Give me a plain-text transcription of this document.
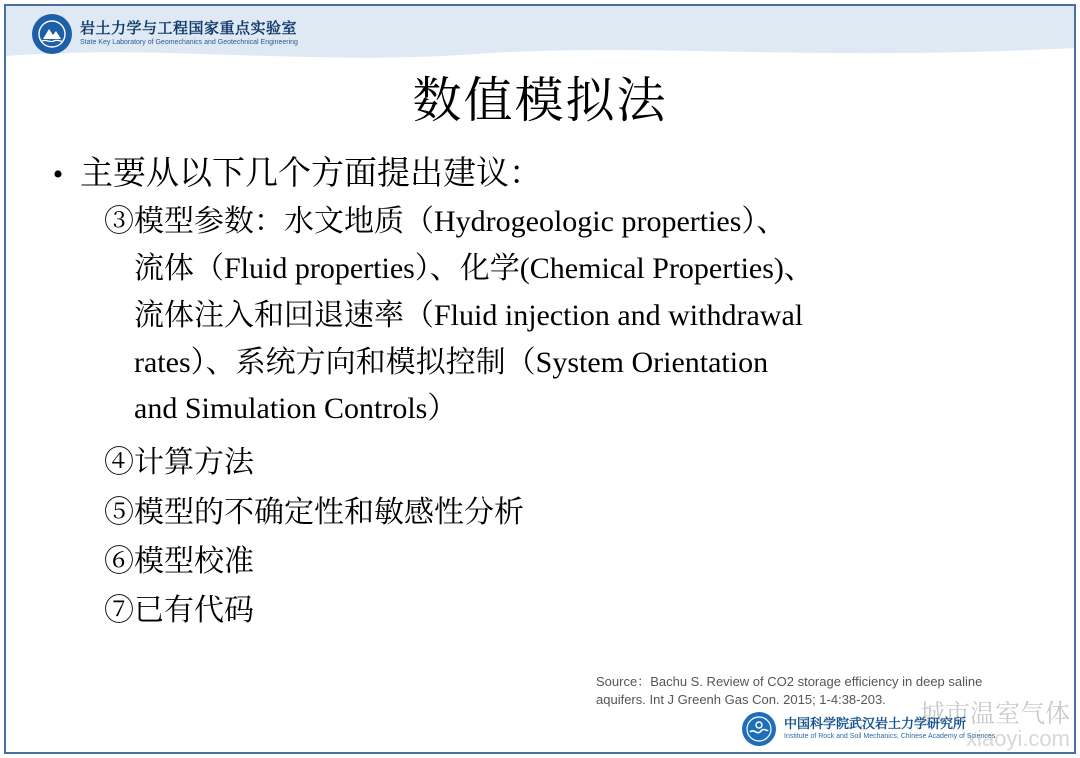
岩土力学与工程国家重点实验室
State Key Laboratory of Geomechanics and Geotechnical Engineering
数值模拟法
• 主要从以下几个方面提出建议：
③模型参数：水文地质（Hydrogeologic properties）、
流体（Fluid properties）、化学(Chemical Properties)、
流体注入和回退速率（Fluid injection and withdrawal
rates）、系统方向和模拟控制（System Orientation
and Simulation Controls）
④计算方法
⑤模型的不确定性和敏感性分析
⑥模型校准
⑦已有代码
Source：Bachu S. Review of CO2 storage efficiency in deep saline
aquifers. Int J Greenh Gas Con. 2015; 1-4:38-203.
中国科学院武汉岩土力学研究所
Institute of Rock and Soil Mechanics, Chinese Academy of Sciences
城市温室气体
xiaoyi.com
